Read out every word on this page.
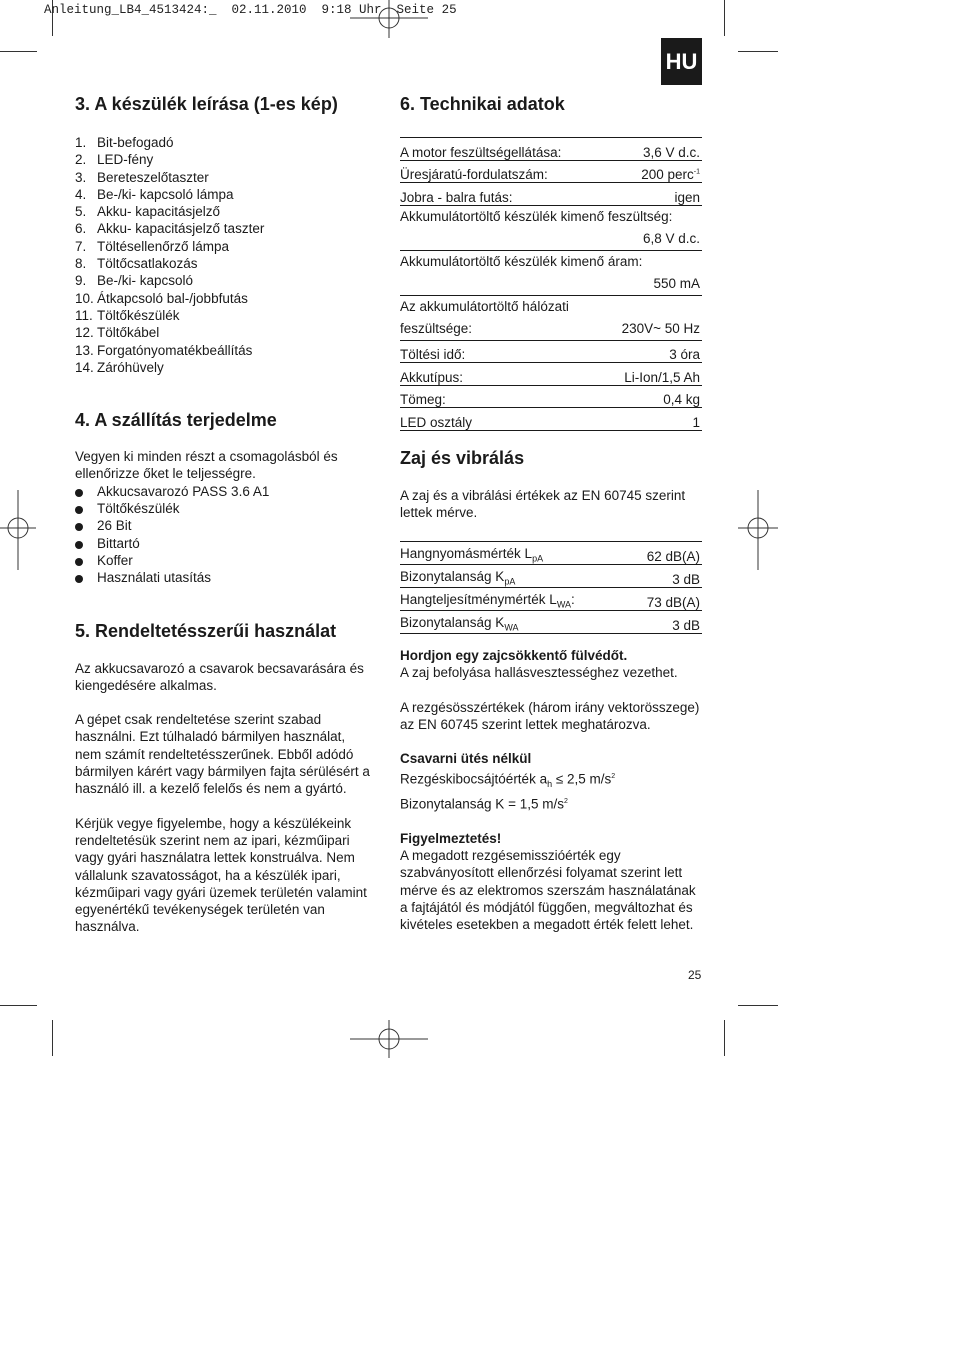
Anleitung_LB4_4513424:_  02.11.2010  9:18 Uhr  Seite 25
HU
3. A készülék leírása (1-es kép)
1. Bit-befogadó
2. LED-fény
3. Bereteszelőtaszter
4. Be-/ki- kapcsoló lámpa
5. Akku- kapacitásjelző
6. Akku- kapacitásjelző taszter
7. Töltésellenőrző lámpa
8. Töltőcsatlakozás
9. Be-/ki- kapcsoló
10. Átkapcsoló bal-/jobbfutás
11. Töltőkészülék
12. Töltőkábel
13. Forgatónyomatékbeállítás
14. Záróhüvely
4. A szállítás terjedelme

Vegyen ki minden részt a csomagolásból és ellenőrizze őket le teljességre.

Akkucsavarozó PASS 3.6 A1
Töltőkészülék
26 Bit
Bittartó
Koffer
Használati utasítás
5. Rendeltetésszerűi használat

Az akkucsavarozó a csavarok becsavarására és kiengedésére alkalmas.

A gépet csak rendeltetése szerint szabad használni. Ezt túlhaladó bármilyen használat, nem számít rendeltetésszerűnek. Ebből adódó bármilyen kárért vagy bármilyen fajta sérülésért a használó ill. a kezelő felelős és nem a gyártó.

Kérjük vegye figyelembe, hogy a készülékeink rendeltetésük szerint nem az ipari, kézműipari vagy gyári használatra lettek konstruálva. Nem vállalunk szavatosságot, ha a készülék ipari, kézműipari vagy gyári üzemek területén valamint egyenértékű tevékenységek területén van használva.

6. Technikai adatok
A motor feszültségellátása:	3,6 V d.c.
Üresjáratú-fordulatszám:	200 perc$^{-1}$
Jobra - balra futás:	igen
Akkumulátortöltő készülék kimenő feszültség:
6,8 V d.c.
Akkumulátortöltő készülék kimenő áram:
550 mA
Az akkumulátortöltő hálózati
feszültsége:	230V~ 50 Hz
Töltési idő:	3 óra
Akkutípus:	Li-Ion/1,5 Ah
Tömeg:	0,4 kg
LED osztály	1
Zaj és vibrálás

A zaj és a vibrálási értékek az EN 60745 szerint lettek mérve.

Hangnyomásmérték $L_{pA}$	62 dB(A)
Bizonytalanság $K_{pA}$	3 dB
Hangteljesítménymérték $L_{WA}$:	73 dB(A)
Bizonytalanság $K_{WA}$	3 dB

Hordjon egy zajcsökkentő fülvédőt.

A zaj befolyása hallásvesztességhez vezethet.

A rezgésösszértékek (három irány vektorösszege) az EN 60745 szerint lettek meghatározva.

Csavarni ütés nélkül

Rezgéskibocsájtóérték $a_h \le 2,5$ $m/s^2$

Bizonytalanság K = 1,5 $m/s^2$

Figyelmeztetés!

A megadott rezgésemisszióérték egy szabványosított ellenőrzési folyamat szerint lett mérve és az elektromos szerszám használatának a fajtájától és módjától függően, megváltozhat és kivételes esetekben a megadott érték felett lehet.

25
